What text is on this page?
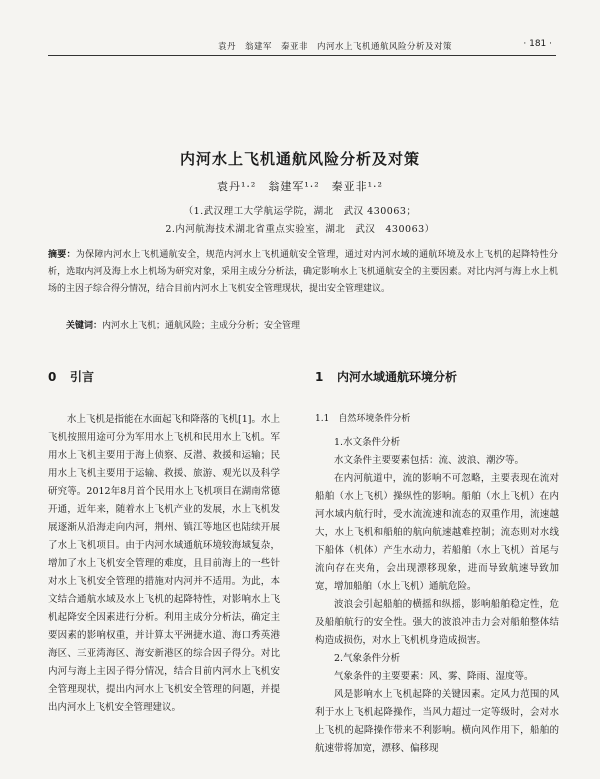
袁丹　翁建军　秦亚非　内河水上飞机通航风险分析及对策	· 181 ·
内河水上飞机通航风险分析及对策
袁丹¹·²　翁建军¹·²　秦亚非¹·²
（1.武汉理工大学航运学院，湖北　武汉 430063；
2.内河航海技术湖北省重点实验室，湖北　武汉　430063）
摘要：为保障内河水上飞机通航安全，规范内河水上飞机通航安全管理，通过对内河水域的通航环境及水上飞机的起降特性分析，选取内河及海上水上机场为研究对象，采用主成分分析法，确定影响水上飞机通航安全的主要因素。对比内河与海上水上机场的主因子综合得分情况，结合目前内河水上飞机安全管理现状，提出安全管理建议。
关键词：内河水上飞机；通航风险；主成分分析；安全管理
0 引言

水上飞机是指能在水面起飞和降落的飞机[1]。水上飞机按照用途可分为军用水上飞机和民用水上飞机。军用水上飞机主要用于海上侦察、反潜、救援和运输；民用水上飞机主要用于运输、救援、旅游、观光以及科学研究等。2012年8月首个民用水上飞机项目在湖南常德开通，近年来，随着水上飞机产业的发展，水上飞机发展逐渐从沿海走向内河，荆州、镇江等地区也陆续开展了水上飞机项目。由于内河水域通航环境较海域复杂，增加了水上飞机安全管理的难度，且目前海上的一些针对水上飞机安全管理的措施对内河并不适用。为此，本文结合通航水域及水上飞机的起降特性，对影响水上飞机起降安全因素进行分析。利用主成分分析法，确定主要因素的影响权重，并计算太平洲捷水道、海口秀英港海区、三亚湾海区、海安新港区的综合因子得分。对比内河与海上主因子得分情况，结合目前内河水上飞机安全管理现状，提出内河水上飞机安全管理的问题，并提出内河水上飞机安全管理建议。

1 内河水域通航环境分析
1.1　自然环境条件分析

1.水文条件分析

水文条件主要要素包括：流、波浪、潮汐等。

在内河航道中，流的影响不可忽略，主要表现在流对船舶（水上飞机）操纵性的影响。船舶（水上飞机）在内河水域内航行时，受水流流速和流态的双重作用，流速越大，水上飞机和船舶的航向航速越难控制；流态则对水线下船体（机体）产生水动力，若船舶（水上飞机）首尾与流向存在夹角，会出现漂移现象，进而导致航速导致加宽，增加船舶（水上飞机）通航危险。

波浪会引起船舶的横摇和纵摇，影响船舶稳定性，危及船舶航行的安全性。强大的波浪冲击力会对船舶整体结构造成损伤，对水上飞机机身造成损害。

2.气象条件分析

气象条件的主要要素：风、雾、降雨、湿度等。

风是影响水上飞机起降的关键因素。定风力范围的风利于水上飞机起降操作，当风力超过一定等级时，会对水上飞机的起降操作带来不利影响。横向风作用下，船舶的航速带将加宽，漂移、偏移现
